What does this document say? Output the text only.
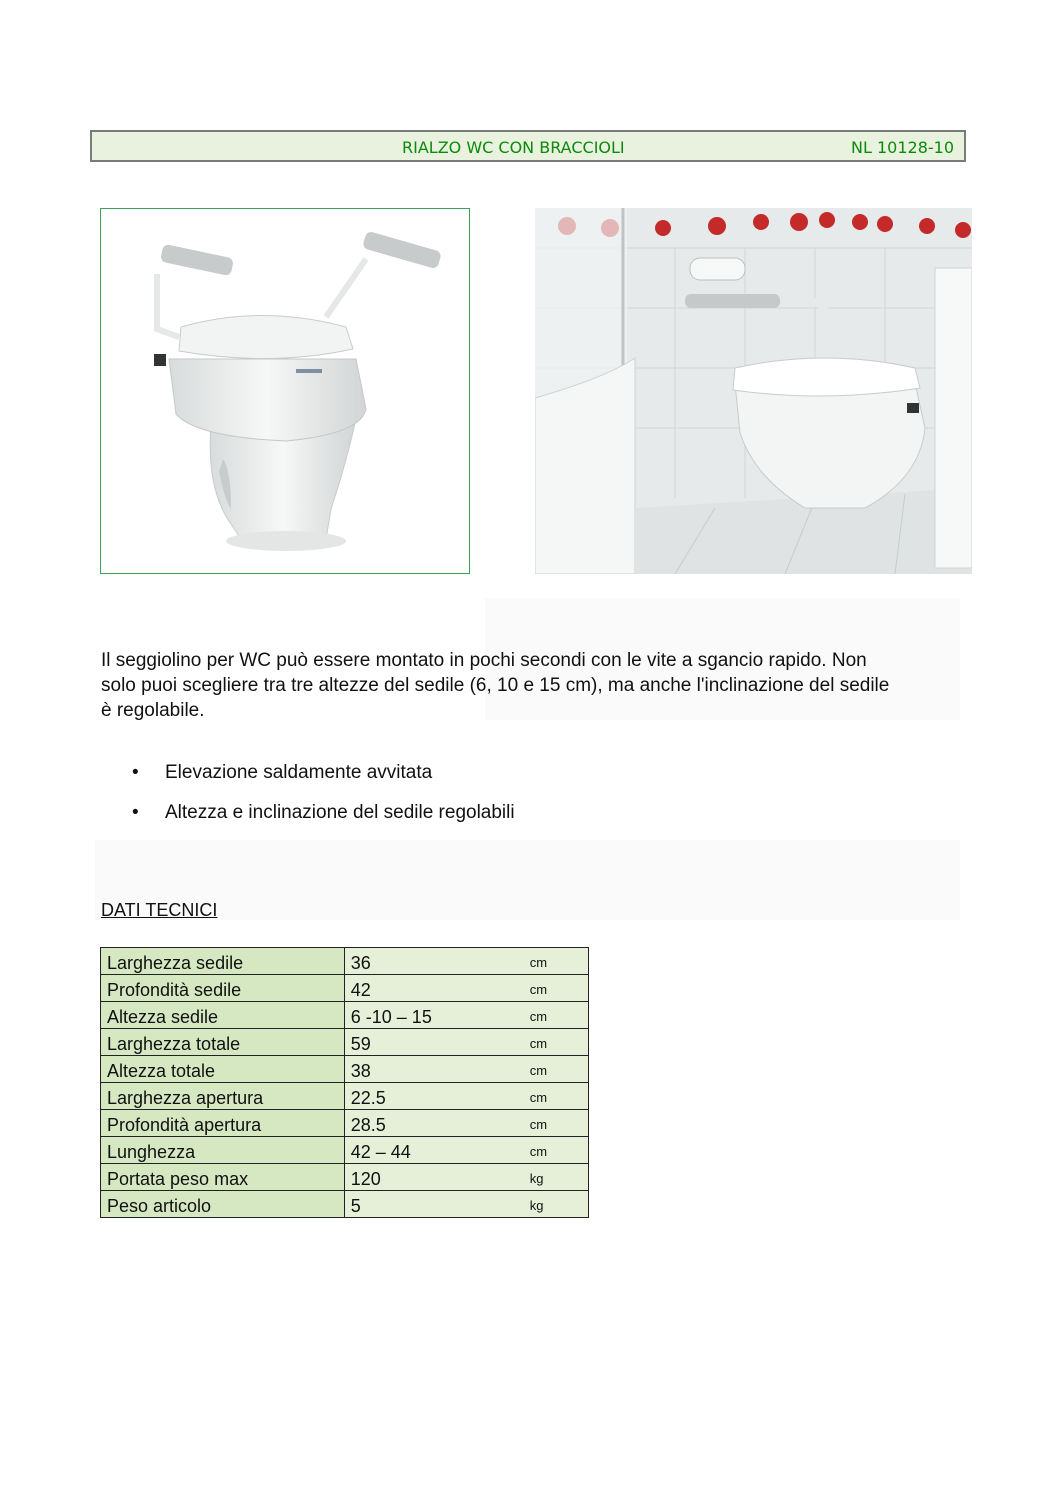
RIALZO WC CON BRACCIOLI	NL 10128-10

Il seggiolino per WC può essere montato in pochi secondi con le vite a sgancio rapido. Non solo puoi scegliere tra tre altezze del sedile (6, 10 e 15 cm), ma anche l'inclinazione del sedile è regolabile.

• Elevazione saldamente avvitata
• Altezza e inclinazione del sedile regolabili
DATI TECNICI
Larghezza sedile	36	cm
Profondità sedile	42	cm
Altezza sedile	6 -10 – 15	cm
Larghezza totale	59	cm
Altezza totale	38	cm
Larghezza apertura	22.5	cm
Profondità apertura	28.5	cm
Lunghezza	42 – 44	cm
Portata peso max	120	kg
Peso articolo	5	kg
